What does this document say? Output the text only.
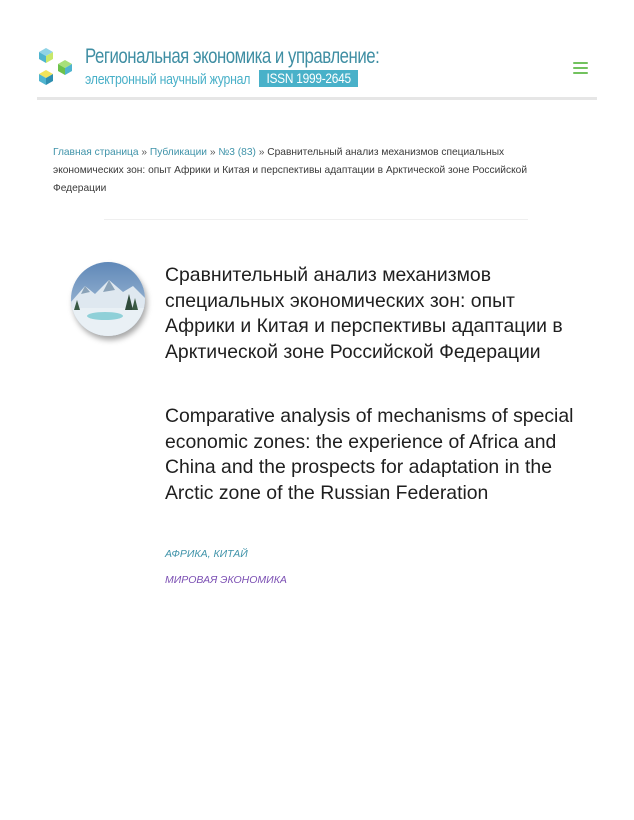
Региональная экономика и управление:
электронный научный журнал	ISSN 1999-2645
Главная страница » Публикации » №3 (83) » Сравнительный анализ механизмов специальных экономических зон: опыт Африки и Китая и перспективы адаптации в Арктической зоне Российской Федерации
Сравнительный анализ механизмов специальных экономических зон: опыт Африки и Китая и перспективы адаптации в Арктической зоне Российской Федерации
Comparative analysis of mechanisms of special economic zones: the experience of Africa and China and the prospects for adaptation in the Arctic zone of the Russian Federation
АФРИКА, КИТАЙ
МИРОВАЯ ЭКОНОМИКА
